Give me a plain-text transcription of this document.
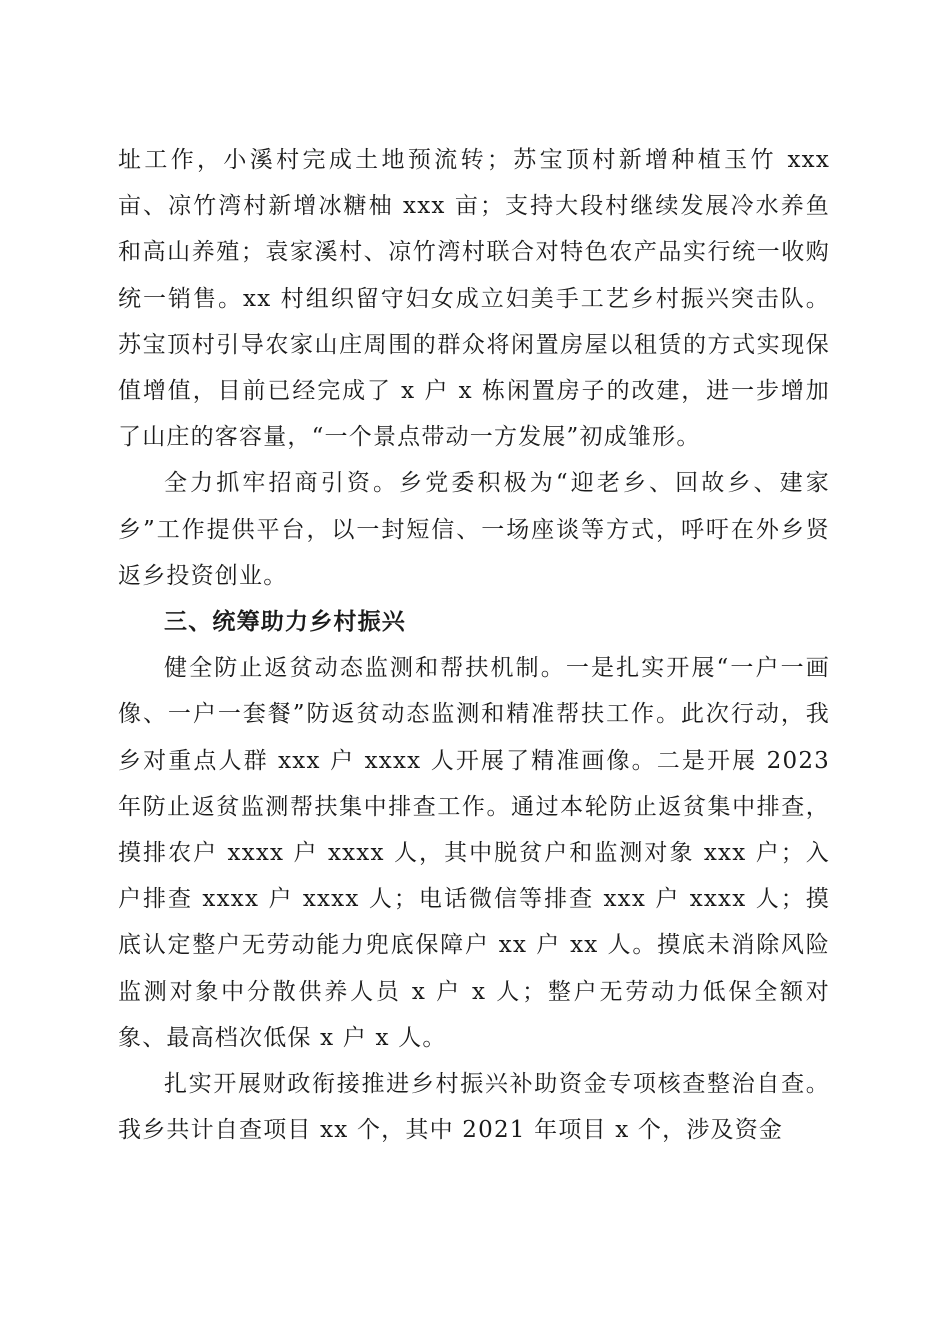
址工作，小溪村完成土地预流转；苏宝顶村新增种植玉竹 xxx 亩、凉竹湾村新增冰糖柚 xxx 亩；支持大段村继续发展冷水养鱼和高山养殖；袁家溪村、凉竹湾村联合对特色农产品实行统一收购统一销售。xx 村组织留守妇女成立妇美手工艺乡村振兴突击队。苏宝顶村引导农家山庄周围的群众将闲置房屋以租赁的方式实现保值增值，目前已经完成了 x 户 x 栋闲置房子的改建，进一步增加了山庄的客容量，“一个景点带动一方发展”初成雏形。

全力抓牢招商引资。乡党委积极为“迎老乡、回故乡、建家乡”工作提供平台，以一封短信、一场座谈等方式，呼吁在外乡贤返乡投资创业。

三、统筹助力乡村振兴

健全防止返贫动态监测和帮扶机制。一是扎实开展“一户一画像、一户一套餐”防返贫动态监测和精准帮扶工作。此次行动，我乡对重点人群 xxx 户 xxxx 人开展了精准画像。二是开展 2023 年防止返贫监测帮扶集中排查工作。通过本轮防止返贫集中排查，摸排农户 xxxx 户 xxxx 人，其中脱贫户和监测对象 xxx 户；入户排查 xxxx 户 xxxx 人；电话微信等排查 xxx 户 xxxx 人；摸底认定整户无劳动能力兜底保障户 xx 户 xx 人。摸底未消除风险监测对象中分散供养人员 x 户 x 人；整户无劳动力低保全额对象、最高档次低保 x 户 x 人。

扎实开展财政衔接推进乡村振兴补助资金专项核查整治自查。我乡共计自查项目 xx 个，其中 2021 年项目 x 个，涉及资金
